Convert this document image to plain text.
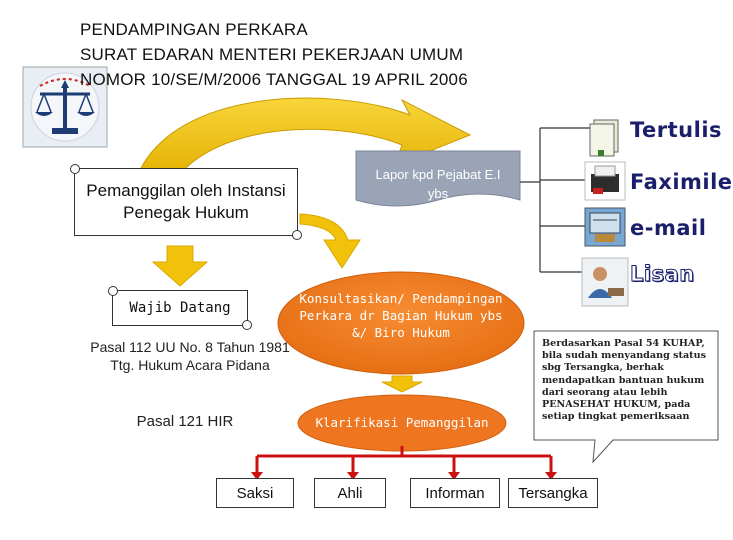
PENDAMPINGAN PERKARA
SURAT EDARAN MENTERI PEKERJAAN UMUM
NOMOR 10/SE/M/2006 TANGGAL 19 APRIL 2006
Pemanggilan oleh Instansi Penegak Hukum
Lapor kpd Pejabat E.I ybs
Wajib Datang
Pasal 112 UU No. 8 Tahun 1981 Ttg. Hukum Acara Pidana
Pasal 121 HIR
Konsultasikan/ Pendampingan Perkara dr Bagian Hukum ybs &/ Biro Hukum
Klarifikasi Pemanggilan
Tertulis
Faximile
e-mail
Lisan
Berdasarkan Pasal 54 KUHAP, bila sudah menyandang status sbg Tersangka, berhak mendapatkan bantuan hukum dari seorang atau lebih PENASEHAT HUKUM, pada setiap tingkat pemeriksaan
Saksi	Ahli	Informan Tersangka
